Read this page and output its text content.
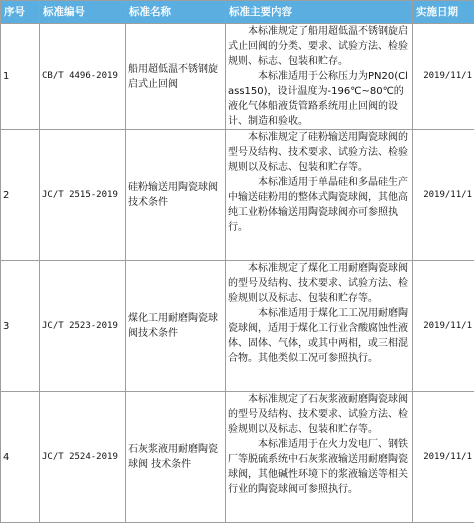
序号	标准编号	标准名称	标准主要内容	实施日期
1	CB/T 4496-2019	船用超低温不锈钢旋启式止回阀	本标准规定了船用超低温不锈钢旋启式止回阀的分类、要求、试验方法、检验规则、标志、包装和贮存。

本标准适用于公称压力为PN20(Class150)，设计温度为-196℃~80℃的液化气体船液货管路系统用止回阀的设计、制造和验收。	2019/11/1
2	JC/T 2515-2019	硅粉输送用陶瓷球阀技术条件	本标准规定了硅粉输送用陶瓷球阀的型号及结构、技术要求、试验方法、检验规则以及标志、包装和贮存等。

本标准适用于单晶硅和多晶硅生产中输送硅粉用的整体式陶瓷球阀，其他高纯工业粉体输送用陶瓷球阀亦可参照执行。	2019/11/1
3	JC/T 2523-2019	煤化工用耐磨陶瓷球阀技术条件	本标准规定了煤化工用耐磨陶瓷球阀的型号及结构、技术要求、试验方法、检验规则以及标志、包装和贮存等。

本标准适用于煤化工工况用耐磨陶瓷球阀，适用于煤化工行业含酸腐蚀性液体、固体、气体，或其中两相，或三相混合物。其他类似工况可参照执行。	2019/11/1
4	JC/T 2524-2019	石灰浆液用耐磨陶瓷球阀 技术条件	本标准规定了石灰浆液耐磨陶瓷球阀的型号及结构、技术要求、试验方法、检验规则以及标志、包装和贮存等。

本标准适用于在火力发电厂、钢铁厂等脱硫系统中石灰浆液输送用耐磨陶瓷球阀，其他碱性环境下的浆液输送等相关行业的陶瓷球阀可参照执行。	2019/11/1
